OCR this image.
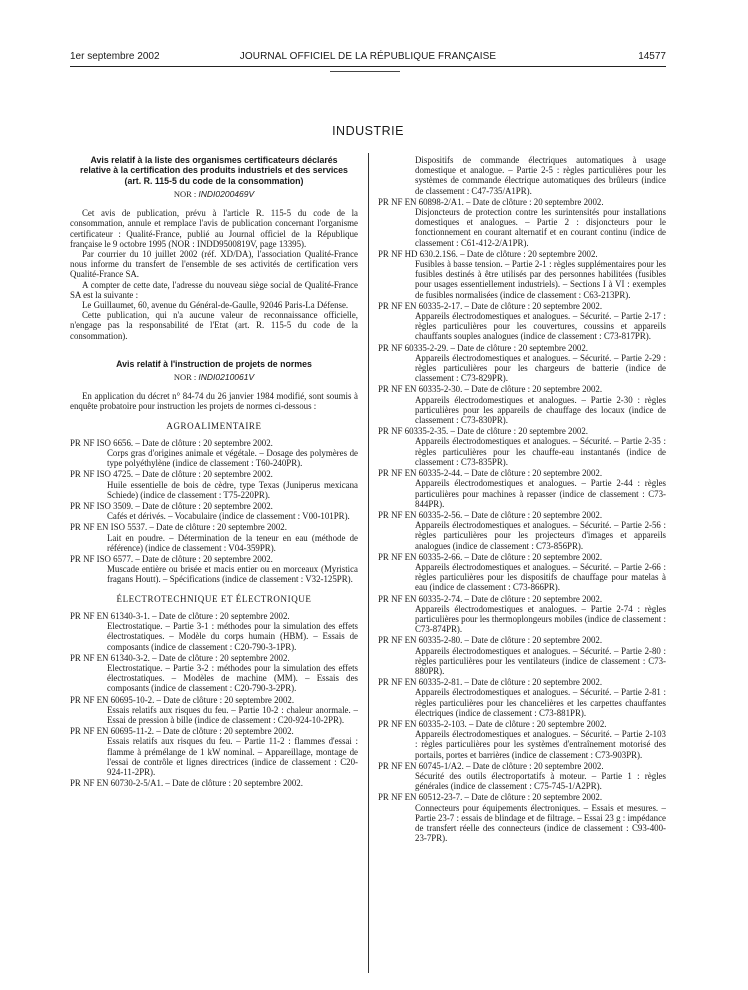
1er septembre 2002	JOURNAL OFFICIEL DE LA RÉPUBLIQUE FRANÇAISE	14577
INDUSTRIE
Avis relatif à la liste des organismes certificateurs déclarés relative à la certification des produits industriels et des services (art. R. 115-5 du code de la consommation)
NOR : INDI0200469V

Cet avis de publication, prévu à l'article R. 115-5 du code de la consommation, annule et remplace l'avis de publication concernant l'organisme certificateur : Qualité-France, publié au Journal officiel de la République française le 9 octobre 1995 (NOR : INDD9500819V, page 13395).

Par courrier du 10 juillet 2002 (réf. XD/DA), l'association Qualité-France nous informe du transfert de l'ensemble de ses activités de certification vers Qualité-France SA.

A compter de cette date, l'adresse du nouveau siège social de Qualité-France SA est la suivante :

Le Guillaumet, 60, avenue du Général-de-Gaulle, 92046 Paris-La Défense.

Cette publication, qui n'a aucune valeur de reconnaissance officielle, n'engage pas la responsabilité de l'Etat (art. R. 115-5 du code de la consommation).

Avis relatif à l'instruction de projets de normes
NOR : INDI0210061V

En application du décret n° 84-74 du 26 janvier 1984 modifié, sont soumis à enquête probatoire pour instruction les projets de normes ci-dessous :

AGROALIMENTAIRE
PR NF ISO 6656. – Date de clôture : 20 septembre 2002.
Corps gras d'origines animale et végétale. – Dosage des polymères de type polyéthylène (indice de classement : T60-240PR).
PR NF ISO 4725. – Date de clôture : 20 septembre 2002.
Huile essentielle de bois de cèdre, type Texas (Juniperus mexicana Schiede) (indice de classement : T75-220PR).
PR NF ISO 3509. – Date de clôture : 20 septembre 2002.
Cafés et dérivés. – Vocabulaire (indice de classement : V00-101PR).
PR NF EN ISO 5537. – Date de clôture : 20 septembre 2002.
Lait en poudre. – Détermination de la teneur en eau (méthode de référence) (indice de classement : V04-359PR).
PR NF ISO 6577. – Date de clôture : 20 septembre 2002.
Muscade entière ou brisée et macis entier ou en morceaux (Myristica fragans Houtt). – Spécifications (indice de classement : V32-125PR).
ÉLECTROTECHNIQUE ET ÉLECTRONIQUE
PR NF EN 61340-3-1. – Date de clôture : 20 septembre 2002.
Electrostatique. – Partie 3-1 : méthodes pour la simulation des effets électrostatiques. – Modèle du corps humain (HBM). – Essais de composants (indice de classement : C20-790-3-1PR).
PR NF EN 61340-3-2. – Date de clôture : 20 septembre 2002.
Electrostatique. – Partie 3-2 : méthodes pour la simulation des effets électrostatiques. – Modèles de machine (MM). – Essais des composants (indice de classement : C20-790-3-2PR).
PR NF EN 60695-10-2. – Date de clôture : 20 septembre 2002.
Essais relatifs aux risques du feu. – Partie 10-2 : chaleur anormale. – Essai de pression à bille (indice de classement : C20-924-10-2PR).
PR NF EN 60695-11-2. – Date de clôture : 20 septembre 2002.
Essais relatifs aux risques du feu. – Partie 11-2 : flammes d'essai : flamme à prémélange de 1 kW nominal. – Appareillage, montage de l'essai de contrôle et lignes directrices (indice de classement : C20-924-11-2PR).
PR NF EN 60730-2-5/A1. – Date de clôture : 20 septembre 2002.
Dispositifs de commande électriques automatiques à usage domestique et analogue. – Partie 2-5 : règles particulières pour les systèmes de commande électrique automatiques des brûleurs (indice de classement : C47-735/A1PR).
PR NF EN 60898-2/A1. – Date de clôture : 20 septembre 2002.
Disjoncteurs de protection contre les surintensités pour installations domestiques et analogues. – Partie 2 : disjoncteurs pour le fonctionnement en courant alternatif et en courant continu (indice de classement : C61-412-2/A1PR).
PR NF HD 630.2.1S6. – Date de clôture : 20 septembre 2002.
Fusibles à basse tension. – Partie 2-1 : règles supplémentaires pour les fusibles destinés à être utilisés par des personnes habilitées (fusibles pour usages essentiellement industriels). – Sections I à VI : exemples de fusibles normalisées (indice de classement : C63-213PR).
PR NF EN 60335-2-17. – Date de clôture : 20 septembre 2002.
Appareils électrodomestiques et analogues. – Sécurité. – Partie 2-17 : règles particulières pour les couvertures, coussins et appareils chauffants souples analogues (indice de classement : C73-817PR).
PR NF 60335-2-29. – Date de clôture : 20 septembre 2002.
Appareils électrodomestiques et analogues. – Sécurité. – Partie 2-29 : règles particulières pour les chargeurs de batterie (indice de classement : C73-829PR).
PR NF EN 60335-2-30. – Date de clôture : 20 septembre 2002.
Appareils électrodomestiques et analogues. – Partie 2-30 : règles particulières pour les appareils de chauffage des locaux (indice de classement : C73-830PR).
PR NF 60335-2-35. – Date de clôture : 20 septembre 2002.
Appareils électrodomestiques et analogues. – Sécurité. – Partie 2-35 : règles particulières pour les chauffe-eau instantanés (indice de classement : C73-835PR).
PR NF EN 60335-2-44. – Date de clôture : 20 septembre 2002.
Appareils électrodomestiques et analogues. – Partie 2-44 : règles particulières pour machines à repasser (indice de classement : C73-844PR).
PR NF EN 60335-2-56. – Date de clôture : 20 septembre 2002.
Appareils électrodomestiques et analogues. – Sécurité. – Partie 2-56 : règles particulières pour les projecteurs d'images et appareils analogues (indice de classement : C73-856PR).
PR NF EN 60335-2-66. – Date de clôture : 20 septembre 2002.
Appareils électrodomestiques et analogues. – Sécurité. – Partie 2-66 : règles particulières pour les dispositifs de chauffage pour matelas à eau (indice de classement : C73-866PR).
PR NF EN 60335-2-74. – Date de clôture : 20 septembre 2002.
Appareils électrodomestiques et analogues. – Partie 2-74 : règles particulières pour les thermoplongeurs mobiles (indice de classement : C73-874PR).
PR NF EN 60335-2-80. – Date de clôture : 20 septembre 2002.
Appareils électrodomestiques et analogues. – Sécurité. – Partie 2-80 : règles particulières pour les ventilateurs (indice de classement : C73-880PR).
PR NF EN 60335-2-81. – Date de clôture : 20 septembre 2002.
Appareils électrodomestiques et analogues. – Sécurité. – Partie 2-81 : règles particulières pour les chancelières et les carpettes chauffantes électriques (indice de classement : C73-881PR).
PR NF EN 60335-2-103. – Date de clôture : 20 septembre 2002.
Appareils électrodomestiques et analogues. – Sécurité. – Partie 2-103 : règles particulières pour les systèmes d'entraînement motorisé des portails, portes et barrières (indice de classement : C73-903PR).
PR NF EN 60745-1/A2. – Date de clôture : 20 septembre 2002.
Sécurité des outils électroportatifs à moteur. – Partie 1 : règles générales (indice de classement : C75-745-1/A2PR).
PR NF EN 60512-23-7. – Date de clôture : 20 septembre 2002.
Connecteurs pour équipements électroniques. – Essais et mesures. – Partie 23-7 : essais de blindage et de filtrage. – Essai 23 g : impédance de transfert réelle des connecteurs (indice de classement : C93-400-23-7PR).
